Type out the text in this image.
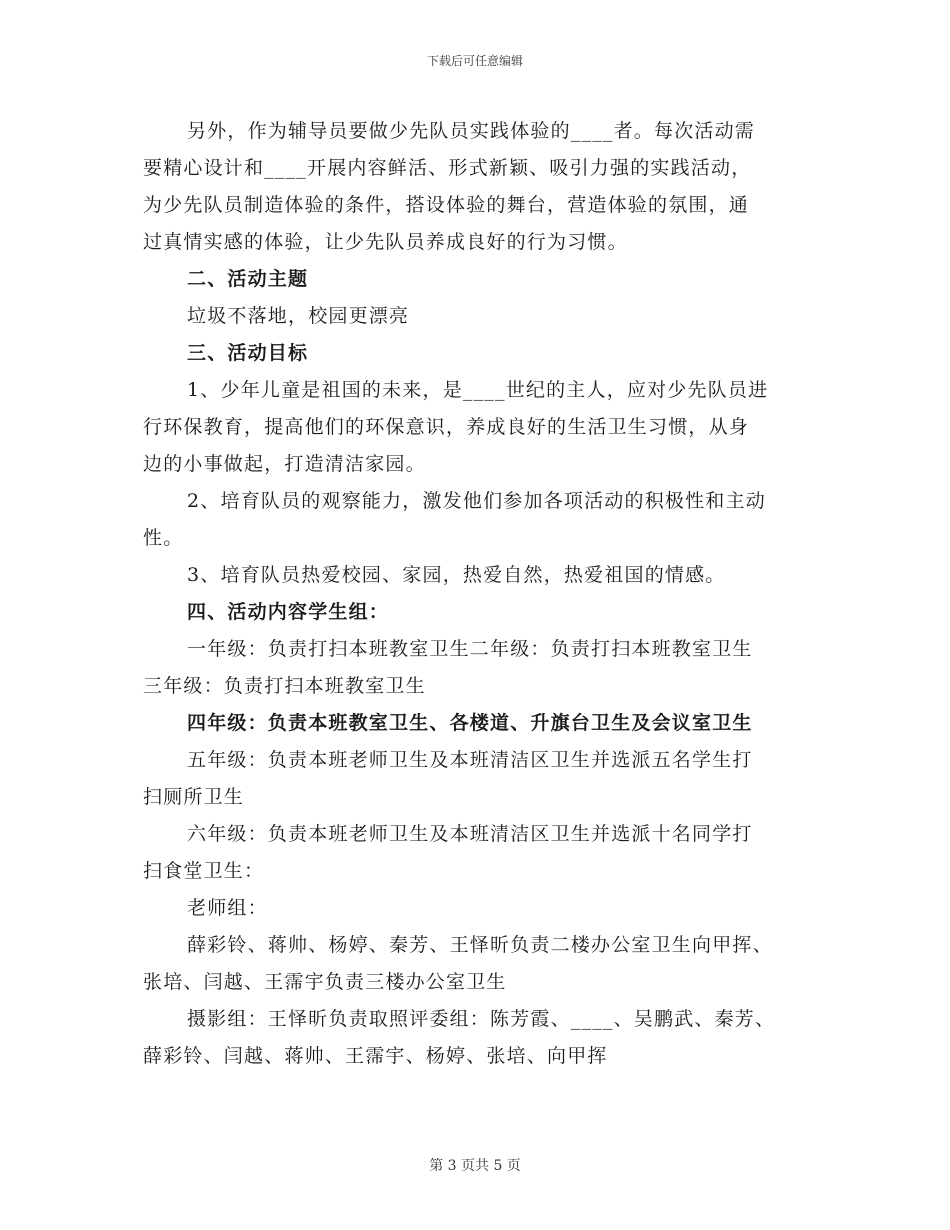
下载后可任意编辑
另外，作为辅导员要做少先队员实践体验的____者。每次活动需
要精心设计和____开展内容鲜活、形式新颖、吸引力强的实践活动，
为少先队员制造体验的条件，搭设体验的舞台，营造体验的氛围，通
过真情实感的体验，让少先队员养成良好的行为习惯。
二、活动主题
垃圾不落地，校园更漂亮
三、活动目标
1、少年儿童是祖国的未来，是____世纪的主人，应对少先队员进
行环保教育，提高他们的环保意识，养成良好的生活卫生习惯，从身
边的小事做起，打造清洁家园。
2、培育队员的观察能力，激发他们参加各项活动的积极性和主动
性。
3、培育队员热爱校园、家园，热爱自然，热爱祖国的情感。
四、活动内容学生组：
一年级：负责打扫本班教室卫生二年级：负责打扫本班教室卫生
三年级：负责打扫本班教室卫生
四年级：负责本班教室卫生、各楼道、升旗台卫生及会议室卫生
五年级：负责本班老师卫生及本班清洁区卫生并选派五名学生打
扫厕所卫生
六年级：负责本班老师卫生及本班清洁区卫生并选派十名同学打
扫食堂卫生：
老师组：
薛彩铃、蒋帅、杨婷、秦芳、王怿昕负责二楼办公室卫生向甲挥、
张培、闫越、王霈宇负责三楼办公室卫生
摄影组：王怿昕负责取照评委组：陈芳霞、____、吴鹏武、秦芳、
薛彩铃、闫越、蒋帅、王霈宇、杨婷、张培、向甲挥
第 3 页共 5 页
